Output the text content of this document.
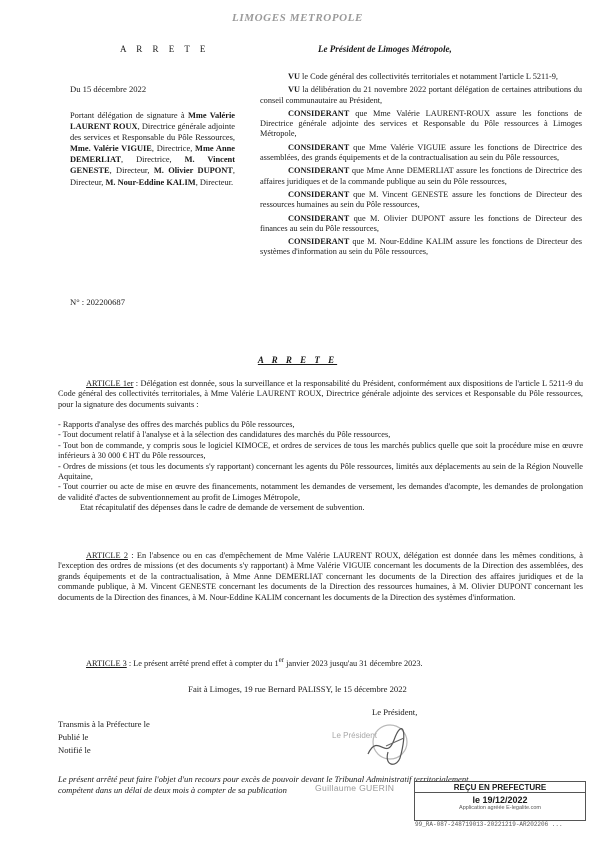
LIMOGES METROPOLE
A R R E T E	Le Président de Limoges Métropole,
Du 15 décembre 2022
Portant délégation de signature à Mme Valérie LAURENT ROUX, Directrice générale adjointe des services et Responsable du Pôle Ressources, Mme. Valérie VIGUIE, Directrice, Mme Anne DEMERLIAT, Directrice, M. Vincent GENESTE, Directeur, M. Olivier DUPONT, Directeur, M. Nour-Eddine KALIM, Directeur.
N° : 202200687

VU le Code général des collectivités territoriales et notamment l'article L 5211-9,

VU la délibération du 21 novembre 2022 portant délégation de certaines attributions du conseil communautaire au Président,

CONSIDERANT que Mme Valérie LAURENT-ROUX assure les fonctions de Directrice générale adjointe des services et Responsable du Pôle ressources à Limoges Métropole,

CONSIDERANT que Mme Valérie VIGUIE assure les fonctions de Directrice des assemblées, des grands équipements et de la contractualisation au sein du Pôle ressources,

CONSIDERANT que Mme Anne DEMERLIAT assure les fonctions de Directrice des affaires juridiques et de la commande publique au sein du Pôle ressources,

CONSIDERANT que M. Vincent GENESTE assure les fonctions de Directeur des ressources humaines au sein du Pôle ressources,

CONSIDERANT que M. Olivier DUPONT assure les fonctions de Directeur des finances au sein du Pôle ressources,

CONSIDERANT que M. Nour-Eddine KALIM assure les fonctions de Directeur des systèmes d'information au sein du Pôle ressources,

A R R E T E
ARTICLE 1er : Délégation est donnée, sous la surveillance et la responsabilité du Président, conformément aux dispositions de l'article L 5211-9 du Code général des collectivités territoriales, à Mme Valérie LAURENT ROUX, Directrice générale adjointe des services et Responsable du Pôle ressources, pour la signature des documents suivants :

- Rapports d'analyse des offres des marchés publics du Pôle ressources,

- Tout document relatif à l'analyse et à la sélection des candidatures des marchés du Pôle ressources,

- Tout bon de commande, y compris sous le logiciel KIMOCE, et ordres de services de tous les marchés publics quelle que soit la procédure mise en œuvre inférieurs à 30 000 € HT du Pôle ressources,

- Ordres de missions (et tous les documents s'y rapportant) concernant les agents du Pôle ressources, limités aux déplacements au sein de la Région Nouvelle Aquitaine,

- Tout courrier ou acte de mise en œuvre des financements, notamment les demandes de versement, les demandes d'acompte, les demandes de prolongation de validité d'actes de subventionnement au profit de Limoges Métropole,

Etat récapitulatif des dépenses dans le cadre de demande de versement de subvention.

ARTICLE 2 : En l'absence ou en cas d'empêchement de Mme Valérie LAURENT ROUX, délégation est donnée dans les mêmes conditions, à l'exception des ordres de missions (et des documents s'y rapportant) à Mme Valérie VIGUIE concernant les documents de la Direction des assemblées, des grands équipements et de la contractualisation, à Mme Anne DEMERLIAT concernant les documents de la Direction des affaires juridiques et de la commande publique, à M. Vincent GENESTE concernant les documents de la Direction des ressources humaines, à M. Olivier DUPONT concernant les documents de la Direction des finances, à M. Nour-Eddine KALIM concernant les documents de la Direction des systèmes d'information.
ARTICLE 3 : Le présent arrêté prend effet à compter du 1er janvier 2023 jusqu'au 31 décembre 2023.
Fait à Limoges, 19 rue Bernard PALISSY, le 15 décembre 2022
Le Président,
Transmis à la Préfecture le
Publié le
Notifié le
Le Président
Guillaume GUERIN
Le présent arrêté peut faire l'objet d'un recours pour excès de pouvoir devant le Tribunal Administratif territorialement compétent dans un délai de deux mois à compter de sa publication	REÇU EN PREFECTURE
le 19/12/2022
Application agréée E-legalite.com
99_RA-087-248719013-20221219-AR202206 ...
